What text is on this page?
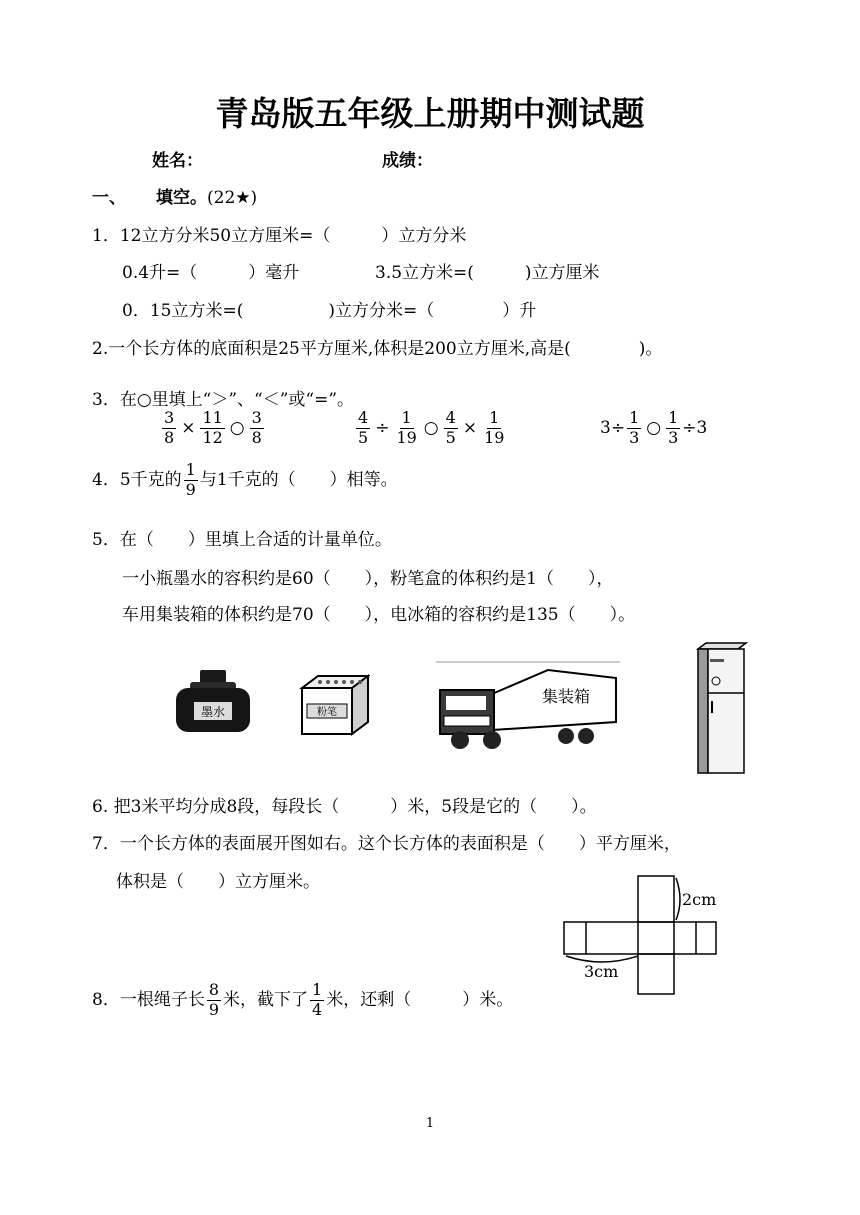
青岛版五年级上册期中测试题
姓名：	成绩：
一、 填空。(22★)
1．12立方分米50立方厘米=（　　　）立方分米
0.4升=（　　　）毫升	3.5立方米=(　　　)立方厘米
0．15立方米=(　　　　　)立方分米=（　　　　）升
2.一个长方体的底面积是25平方厘米,体积是200立方厘米,高是(　　　　)。
3．在○里填上“＞”、“＜”或“=”。
$\frac{3}{8} \times \frac{11}{12}$ ○ $\frac{3}{8}$	$\frac{4}{5} \div \frac{1}{19}$ ○ $\frac{4}{5} \times \frac{1}{19}$	$3\div \frac{1}{3}$ ○ $\frac{1}{3} \div 3$
4．5千克的 $\frac{1}{9}$ 与1千克的（　　）相等。
5．在（　　）里填上合适的计量单位。
一小瓶墨水的容积约是60（　　），粉笔盒的体积约是1（　　），
车用集装箱的体积约是70（　　），电冰箱的容积约是135（　　）。
墨水	粉笔
集装箱
6. 把3米平均分成8段，每段长（　　　）米，5段是它的（　　）。
7．一个长方体的表面展开图如右。这个长方体的表面积是（　　）平方厘米，
体积是（　　）立方厘米。
2cm
3cm
8．一根绳子长 $\frac{8}{9}$ 米，截下了 $\frac{1}{4}$ 米，还剩（　　　）米。
1
